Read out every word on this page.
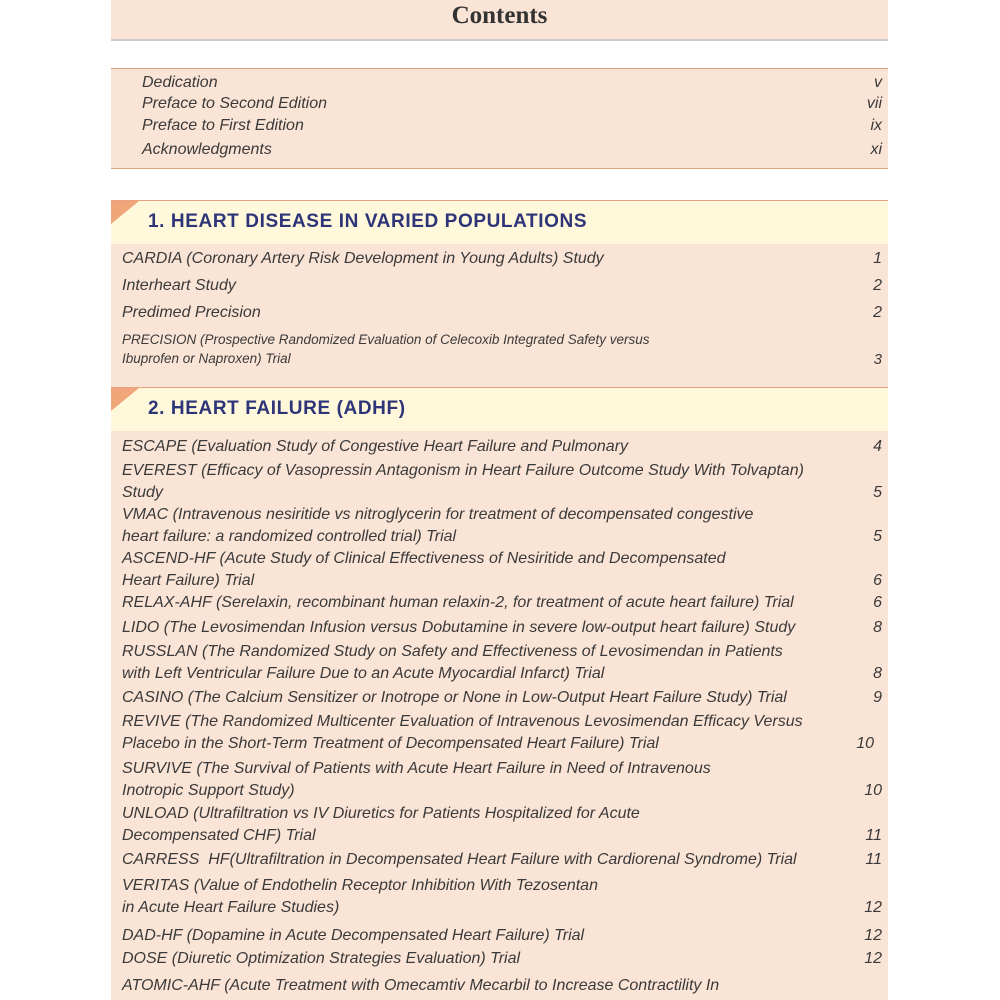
Contents
Dedication	v
Preface to Second Edition	vii
Preface to First Edition	ix
Acknowledgments	xi
1. HEART DISEASE IN VARIED POPULATIONS
CARDIA (Coronary Artery Risk Development in Young Adults) Study	1
Interheart Study	2
Predimed Precision	2
PRECISION (Prospective Randomized Evaluation of Celecoxib Integrated Safety versus
Ibuprofen or Naproxen) Trial	3
2. HEART FAILURE (ADHF)
ESCAPE (Evaluation Study of Congestive Heart Failure and Pulmonary	4
EVEREST (Efficacy of Vasopressin Antagonism in Heart Failure Outcome Study With Tolvaptan)
Study	5
VMAC (Intravenous nesiritide vs nitroglycerin for treatment of decompensated congestive
heart failure: a randomized controlled trial) Trial	5
ASCEND-HF (Acute Study of Clinical Effectiveness of Nesiritide and Decompensated
Heart Failure) Trial	6
RELAX-AHF (Serelaxin, recombinant human relaxin-2, for treatment of acute heart failure) Trial	6
LIDO (The Levosimendan Infusion versus Dobutamine in severe low-output heart failure) Study	8
RUSSLAN (The Randomized Study on Safety and Effectiveness of Levosimendan in Patients
with Left Ventricular Failure Due to an Acute Myocardial Infarct) Trial	8
CASINO (The Calcium Sensitizer or Inotrope or None in Low-Output Heart Failure Study) Trial	9
REVIVE (The Randomized Multicenter Evaluation of Intravenous Levosimendan Efficacy Versus
Placebo in the Short-Term Treatment of Decompensated Heart Failure) Trial	10
SURVIVE (The Survival of Patients with Acute Heart Failure in Need of Intravenous
Inotropic Support Study)	10
UNLOAD (Ultrafiltration vs IV Diuretics for Patients Hospitalized for Acute
Decompensated CHF) Trial	11
CARRESS  HF(Ultrafiltration in Decompensated Heart Failure with Cardiorenal Syndrome) Trial	11
VERITAS (Value of Endothelin Receptor Inhibition With Tezosentan
in Acute Heart Failure Studies)	12
DAD-HF (Dopamine in Acute Decompensated Heart Failure) Trial	12
DOSE (Diuretic Optimization Strategies Evaluation) Trial	12
ATOMIC-AHF (Acute Treatment with Omecamtiv Mecarbil to Increase Contractility In
